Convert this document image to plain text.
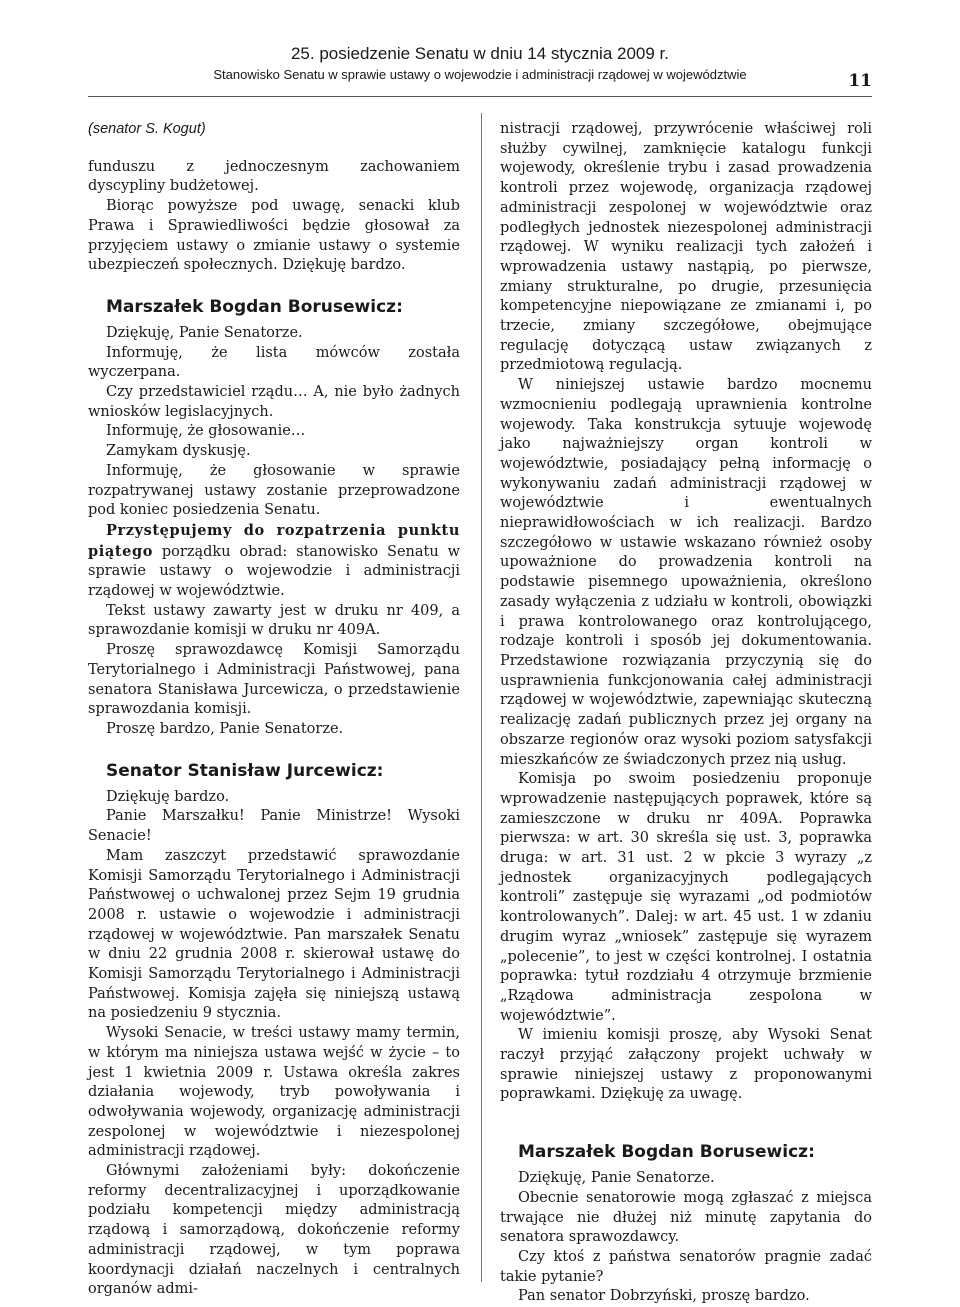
25. posiedzenie Senatu w dniu 14 stycznia 2009 r.
Stanowisko Senatu w sprawie ustawy o wojewodzie i administracji rządowej w województwie	11
(senator S. Kogut)

funduszu z jednoczesnym zachowaniem dyscypliny budżetowej.

Biorąc powyższe pod uwagę, senacki klub Prawa i Sprawiedliwości będzie głosował za przyjęciem ustawy o zmianie ustawy o systemie ubezpieczeń społecznych. Dziękuję bardzo.

Marszałek Bogdan Borusewicz:

Dziękuję, Panie Senatorze.

Informuję, że lista mówców została wyczerpana.

Czy przedstawiciel rządu… A, nie było żadnych wniosków legislacyjnych.

Informuję, że głosowanie…

Zamykam dyskusję.

Informuję, że głosowanie w sprawie rozpatrywanej ustawy zostanie przeprowadzone pod koniec posiedzenia Senatu.

Przystępujemy do rozpatrzenia punktu piątego porządku obrad: stanowisko Senatu w sprawie ustawy o wojewodzie i administracji rządowej w województwie.

Tekst ustawy zawarty jest w druku nr 409, a sprawozdanie komisji w druku nr 409A.

Proszę sprawozdawcę Komisji Samorządu Terytorialnego i Administracji Państwowej, pana senatora Stanisława Jurcewicza, o przedstawienie sprawozdania komisji.

Proszę bardzo, Panie Senatorze.

Senator Stanisław Jurcewicz:

Dziękuję bardzo.

Panie Marszałku! Panie Ministrze! Wysoki Senacie!

Mam zaszczyt przedstawić sprawozdanie Komisji Samorządu Terytorialnego i Administracji Państwowej o uchwalonej przez Sejm 19 grudnia 2008 r. ustawie o wojewodzie i administracji rządowej w województwie. Pan marszałek Senatu w dniu 22 grudnia 2008 r. skierował ustawę do Komisji Samorządu Terytorialnego i Administracji Państwowej. Komisja zajęła się niniejszą ustawą na posiedzeniu 9 stycznia.

Wysoki Senacie, w treści ustawy mamy termin, w którym ma niniejsza ustawa wejść w życie – to jest 1 kwietnia 2009 r. Ustawa określa zakres działania wojewody, tryb powoływania i odwoływania wojewody, organizację administracji zespolonej w województwie i niezespolonej administracji rządowej.

Głównymi założeniami były: dokończenie reformy decentralizacyjnej i uporządkowanie podziału kompetencji między administracją rządową i samorządową, dokończenie reformy administracji rządowej, w tym poprawa koordynacji działań naczelnych i centralnych organów admi-

nistracji rządowej, przywrócenie właściwej roli służby cywilnej, zamknięcie katalogu funkcji wojewody, określenie trybu i zasad prowadzenia kontroli przez wojewodę, organizacja rządowej administracji zespolonej w województwie oraz podległych jednostek niezespolonej administracji rządowej. W wyniku realizacji tych założeń i wprowadzenia ustawy nastąpią, po pierwsze, zmiany strukturalne, po drugie, przesunięcia kompetencyjne niepowiązane ze zmianami i, po trzecie, zmiany szczegółowe, obejmujące regulację dotyczącą ustaw związanych z przedmiotową regulacją.

W niniejszej ustawie bardzo mocnemu wzmocnieniu podlegają uprawnienia kontrolne wojewody. Taka konstrukcja sytuuje wojewodę jako najważniejszy organ kontroli w województwie, posiadający pełną informację o wykonywaniu zadań administracji rządowej w województwie i ewentualnych nieprawidłowościach w ich realizacji. Bardzo szczegółowo w ustawie wskazano również osoby upoważnione do prowadzenia kontroli na podstawie pisemnego upoważnienia, określono zasady wyłączenia z udziału w kontroli, obowiązki i prawa kontrolowanego oraz kontrolującego, rodzaje kontroli i sposób jej dokumentowania. Przedstawione rozwiązania przyczynią się do usprawnienia funkcjonowania całej administracji rządowej w województwie, zapewniając skuteczną realizację zadań publicznych przez jej organy na obszarze regionów oraz wysoki poziom satysfakcji mieszkańców ze świadczonych przez nią usług.

Komisja po swoim posiedzeniu proponuje wprowadzenie następujących poprawek, które są zamieszczone w druku nr 409A. Poprawka pierwsza: w art. 30 skreśla się ust. 3, poprawka druga: w art. 31 ust. 2 w pkcie 3 wyrazy „z jednostek organizacyjnych podlegających kontroli” zastępuje się wyrazami „od podmiotów kontrolowanych”. Dalej: w art. 45 ust. 1 w zdaniu drugim wyraz „wniosek” zastępuje się wyrazem „polecenie”, to jest w części kontrolnej. I ostatnia poprawka: tytuł rozdziału 4 otrzymuje brzmienie „Rządowa administracja zespolona w województwie”.

W imieniu komisji proszę, aby Wysoki Senat raczył przyjąć załączony projekt uchwały w sprawie niniejszej ustawy z proponowanymi poprawkami. Dziękuję za uwagę.

Marszałek Bogdan Borusewicz:

Dziękuję, Panie Senatorze.

Obecnie senatorowie mogą zgłaszać z miejsca trwające nie dłużej niż minutę zapytania do senatora sprawozdawcy.

Czy ktoś z państwa senatorów pragnie zadać takie pytanie?

Pan senator Dobrzyński, proszę bardzo.
